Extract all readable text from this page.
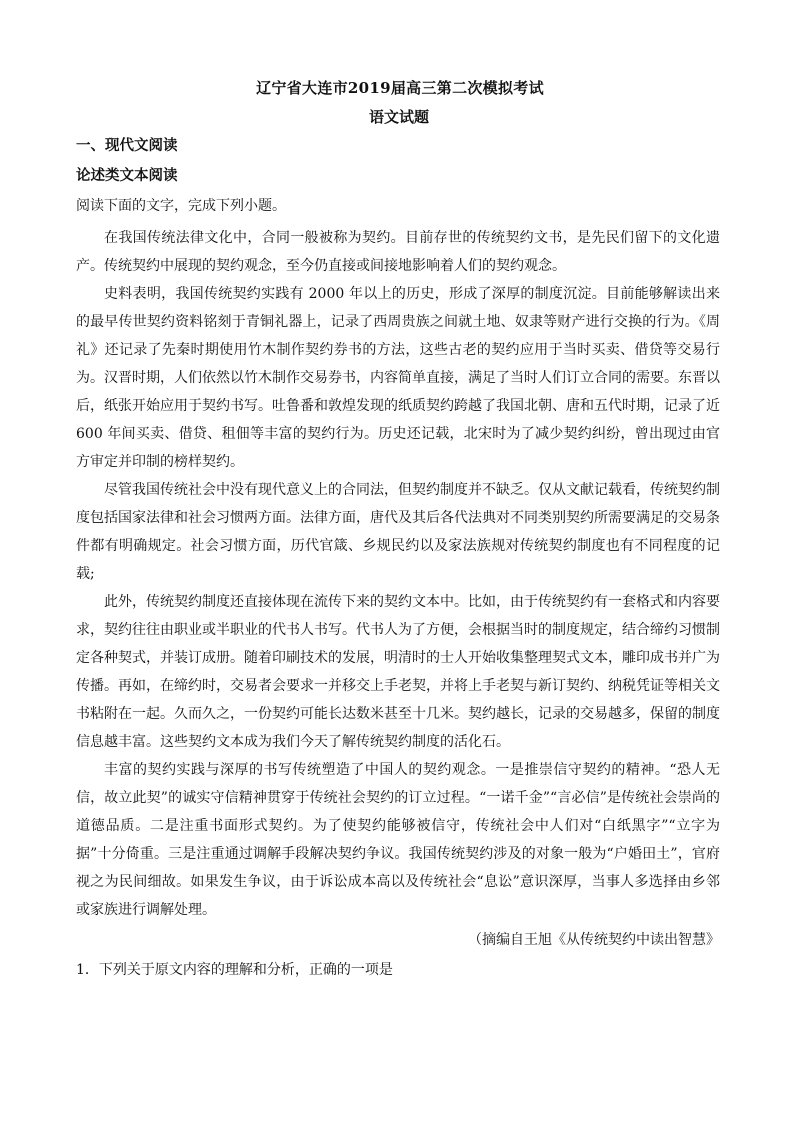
辽宁省大连市2019届高三第二次模拟考试
语文试题
一、现代文阅读
论述类文本阅读
阅读下面的文字，完成下列小题。

在我国传统法律文化中，合同一般被称为契约。目前存世的传统契约文书，是先民们留下的文化遗产。传统契约中展现的契约观念，至今仍直接或间接地影响着人们的契约观念。

史料表明，我国传统契约实践有 2000 年以上的历史，形成了深厚的制度沉淀。目前能够解读出来的最早传世契约资料铭刻于青铜礼器上，记录了西周贵族之间就土地、奴隶等财产进行交换的行为。《周礼》还记录了先秦时期使用竹木制作契约券书的方法，这些古老的契约应用于当时买卖、借贷等交易行为。汉晋时期，人们依然以竹木制作交易券书，内容简单直接，满足了当时人们订立合同的需要。东晋以后，纸张开始应用于契约书写。吐鲁番和敦煌发现的纸质契约跨越了我国北朝、唐和五代时期，记录了近600 年间买卖、借贷、租佃等丰富的契约行为。历史还记载，北宋时为了减少契约纠纷，曾出现过由官方审定并印制的榜样契约。

尽管我国传统社会中没有现代意义上的合同法，但契约制度并不缺乏。仅从文献记载看，传统契约制度包括国家法律和社会习惯两方面。法律方面，唐代及其后各代法典对不同类别契约所需要满足的交易条件都有明确规定。社会习惯方面，历代官箴、乡规民约以及家法族规对传统契约制度也有不同程度的记载;

此外，传统契约制度还直接体现在流传下来的契约文本中。比如，由于传统契约有一套格式和内容要求，契约往往由职业或半职业的代书人书写。代书人为了方便，会根据当时的制度规定，结合缔约习惯制定各种契式，并装订成册。随着印刷技术的发展，明清时的士人开始收集整理契式文本，雕印成书并广为传播。再如，在缔约时，交易者会要求一并移交上手老契，并将上手老契与新订契约、纳税凭证等相关文书粘附在一起。久而久之，一份契约可能长达数米甚至十几米。契约越长，记录的交易越多，保留的制度信息越丰富。这些契约文本成为我们今天了解传统契约制度的活化石。

丰富的契约实践与深厚的书写传统塑造了中国人的契约观念。一是推崇信守契约的精神。“恐人无信，故立此契”的诚实守信精神贯穿于传统社会契约的订立过程。“一诺千金”“言必信”是传统社会崇尚的道德品质。二是注重书面形式契约。为了使契约能够被信守，传统社会中人们对“白纸黑字”“立字为据”十分倚重。三是注重通过调解手段解决契约争议。我国传统契约涉及的对象一般为“户婚田土”，官府视之为民间细故。如果发生争议，由于诉讼成本高以及传统社会“息讼”意识深厚，当事人多选择由乡邻或家族进行调解处理。

（摘编自王旭《从传统契约中读出智慧》
1．下列关于原文内容的理解和分析，正确的一项是
